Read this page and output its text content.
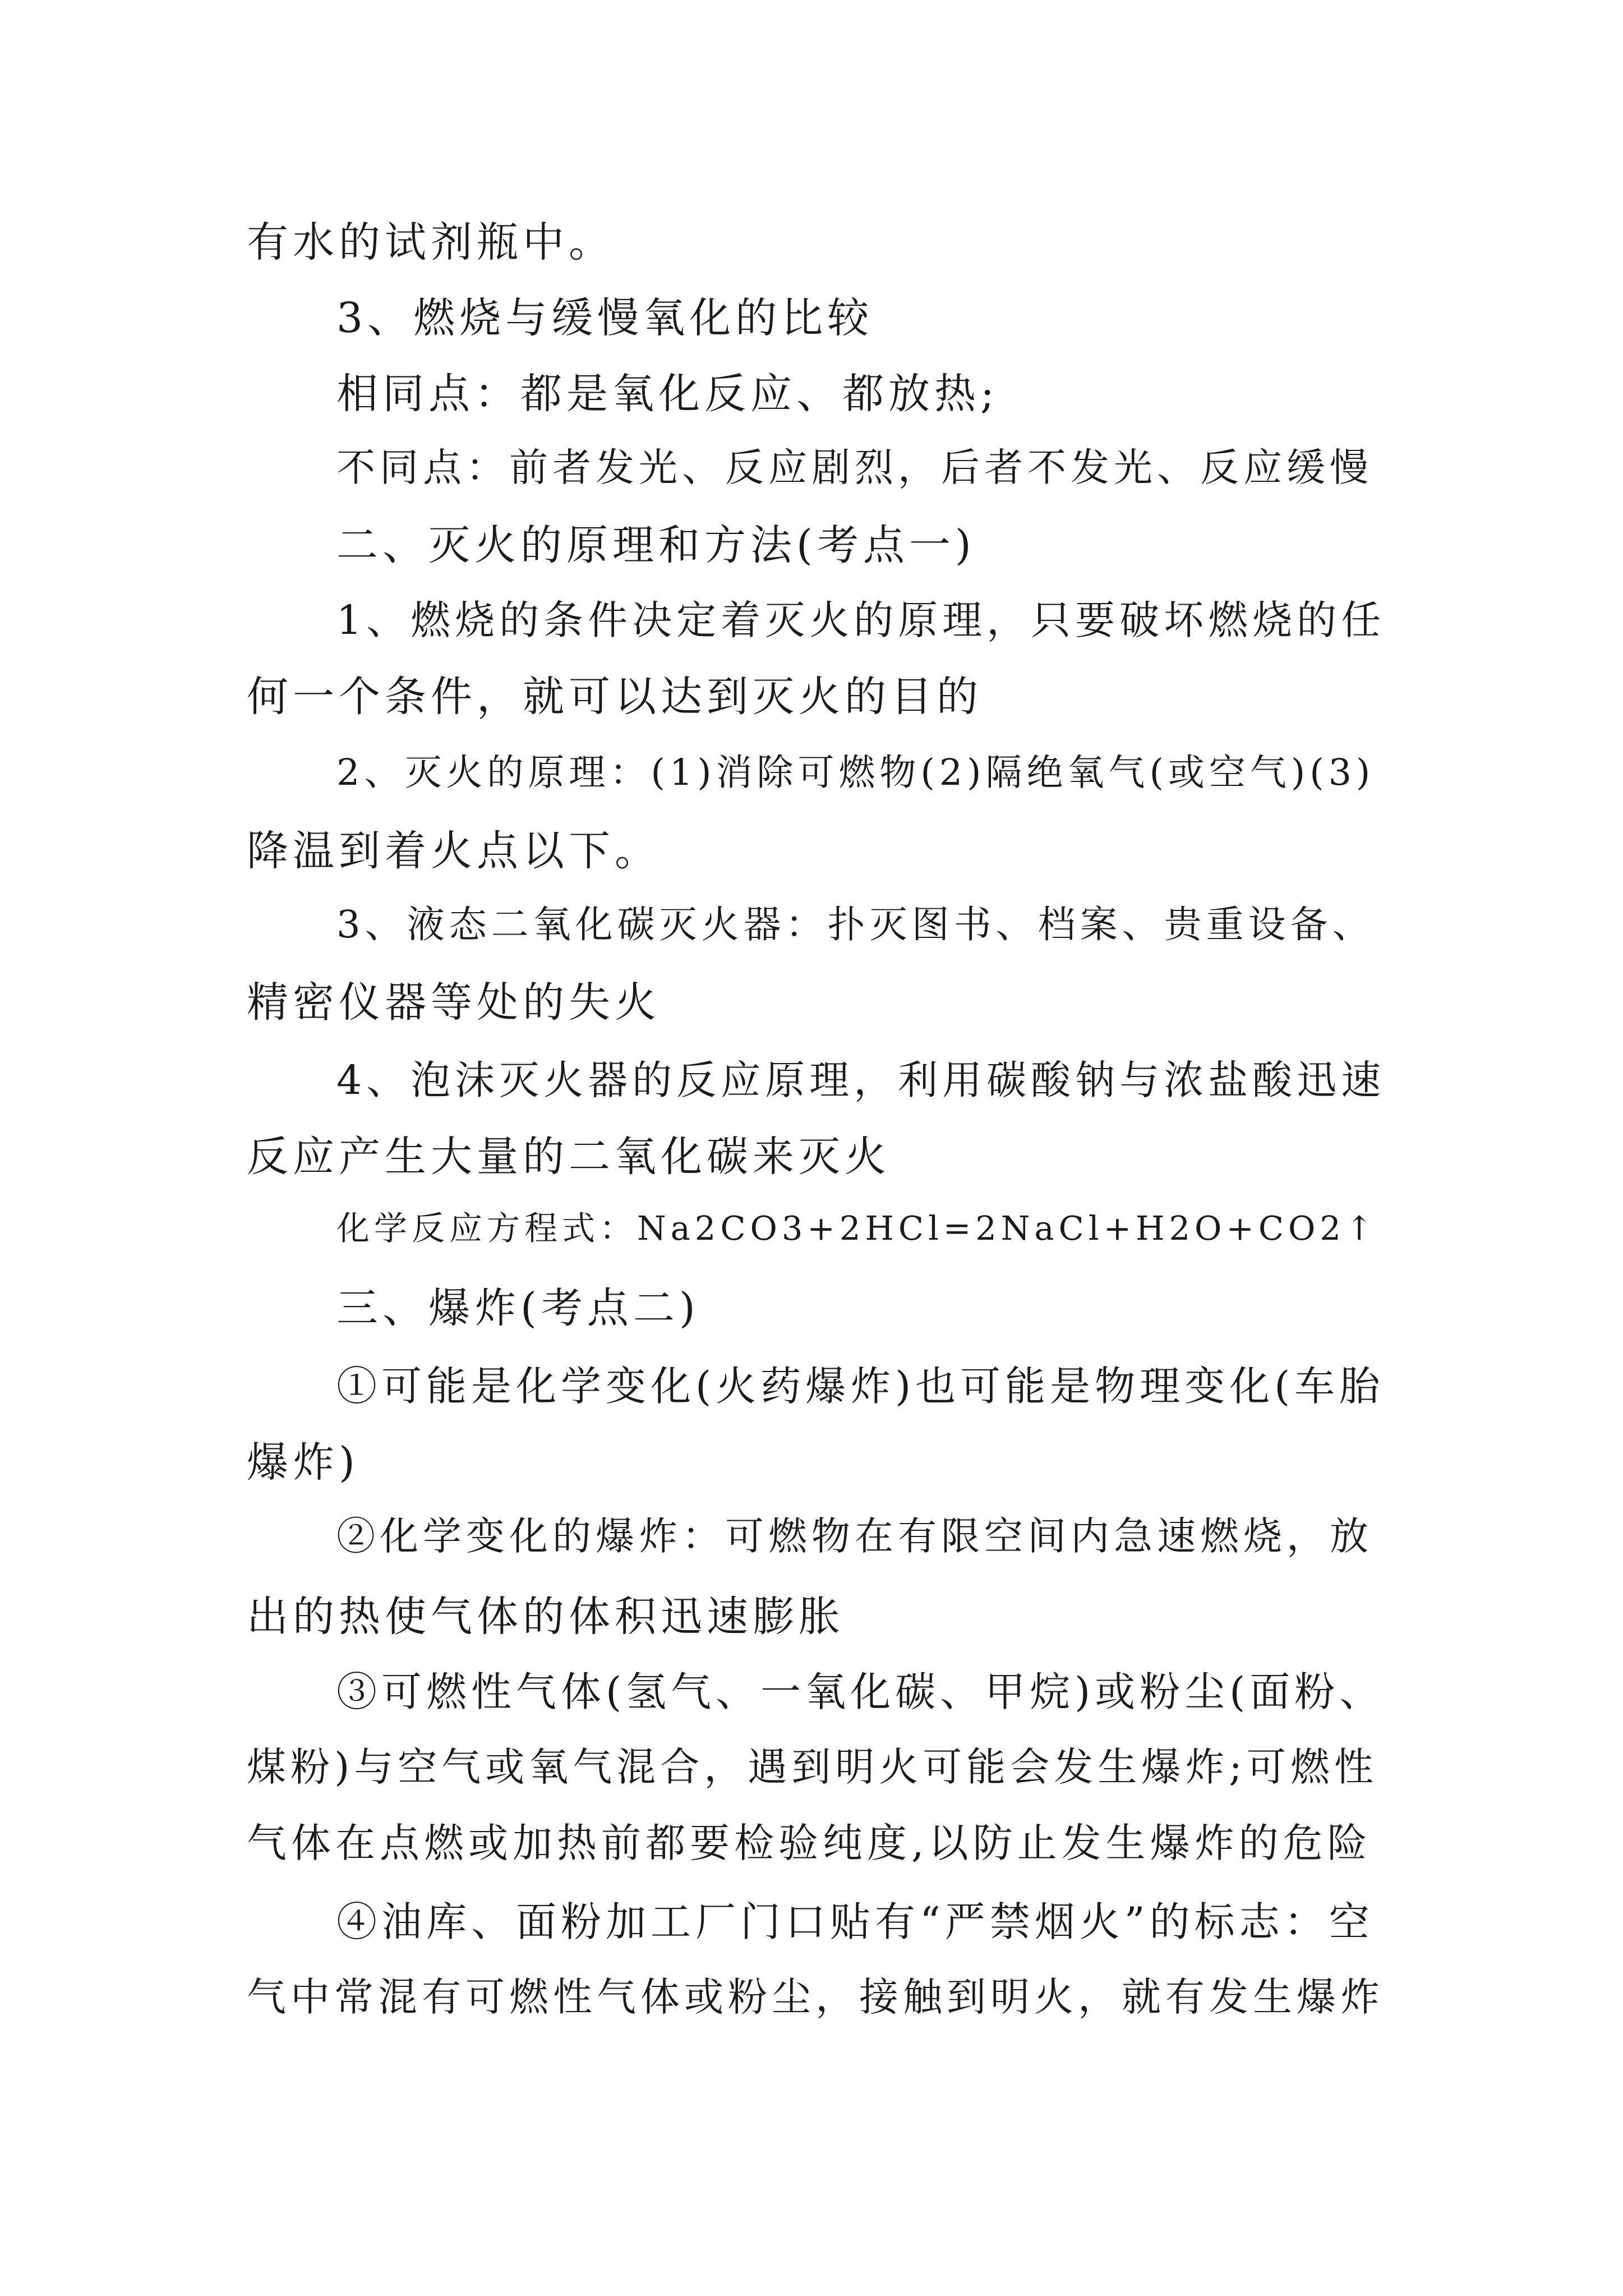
有水的试剂瓶中。
3、燃烧与缓慢氧化的比较
相同点：都是氧化反应、都放热;
不同点：前者发光、反应剧烈，后者不发光、反应缓慢
二、灭火的原理和方法(考点一)
1、燃烧的条件决定着灭火的原理，只要破坏燃烧的任
何一个条件，就可以达到灭火的目的
2、灭火的原理：(1)消除可燃物(2)隔绝氧气(或空气)(3)
降温到着火点以下。
3、液态二氧化碳灭火器：扑灭图书、档案、贵重设备、
精密仪器等处的失火
4、泡沫灭火器的反应原理，利用碳酸钠与浓盐酸迅速
反应产生大量的二氧化碳来灭火
化学反应方程式：Na2CO3+2HCl=2NaCl+H2O+CO2↑
三、爆炸(考点二)
①可能是化学变化(火药爆炸)也可能是物理变化(车胎
爆炸)
②化学变化的爆炸：可燃物在有限空间内急速燃烧，放
出的热使气体的体积迅速膨胀
③可燃性气体(氢气、一氧化碳、甲烷)或粉尘(面粉、
煤粉)与空气或氧气混合，遇到明火可能会发生爆炸;可燃性
气体在点燃或加热前都要检验纯度,以防止发生爆炸的危险
④油库、面粉加工厂门口贴有“严禁烟火”的标志：空
气中常混有可燃性气体或粉尘，接触到明火，就有发生爆炸
